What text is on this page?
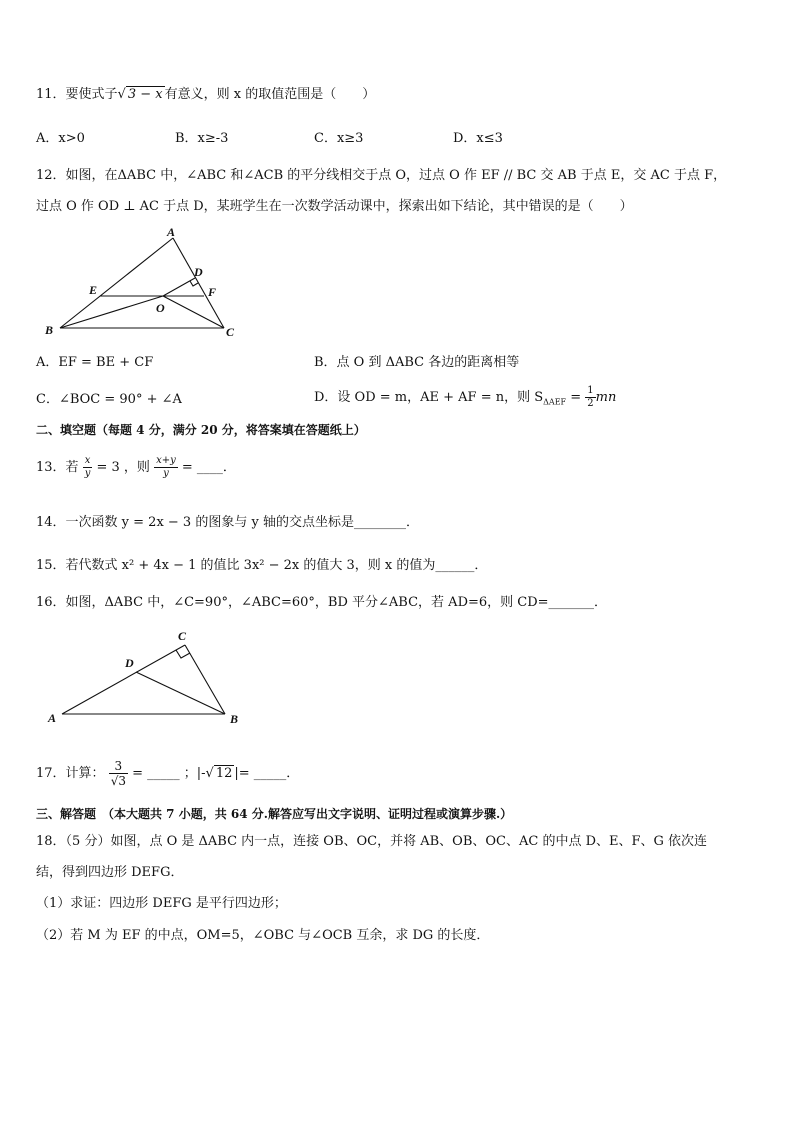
11．要使式子√ 3 − x 有意义，则 x 的取值范围是（　　）
A．x>0	B．x≥-3	C．x≥3	D．x≤3
12．如图，在ΔABC 中，∠ABC 和∠ACB 的平分线相交于点 O，过点 O 作 EF // BC 交 AB 于点 E，交 AC 于点 F，
过点 O 作 OD ⊥ AC 于点 D，某班学生在一次数学活动课中，探索出如下结论，其中错误的是（　　）
A
B	C
D
E	F
O
A．EF = BE + CF	B．点 O 到 ΔABC 各边的距离相等
C．∠BOC = 90° + ∠A	D．设 OD = m，AE + AF = n，则 $S_{\Delta AEF} = \frac{1}{2}$ mn
二、填空题（每题 4 分，满分 20 分，将答案填在答题纸上）
13．若 $\frac{x}{y} = 3$ ，则 $\frac{x+y}{y}$ = ____．
14．一次函数 y = 2x − 3 的图象与 y 轴的交点坐标是________．
15．若代数式 x² + 4x − 1 的值比 3x² − 2x 的值大 3，则 x 的值为______．
16．如图，ΔABC 中，∠C=90°，∠ABC=60°，BD 平分∠ABC，若 AD=6，则 CD=_______．
A	B
C
D
17．计算： $\frac{3}{√3}$ = _____ ；|-√ 12 |= _____．
三、解答题　（本大题共 7 小题，共 64 分.解答应写出文字说明、证明过程或演算步骤.）
18．（5 分）如图，点 O 是 ΔABC 内一点，连接 OB、OC，并将 AB、OB、OC、AC 的中点 D、E、F、G 依次连
结，得到四边形 DEFG．
（1）求证：四边形 DEFG 是平行四边形；
（2）若 M 为 EF 的中点，OM=5，∠OBC 与∠OCB 互余，求 DG 的长度．
